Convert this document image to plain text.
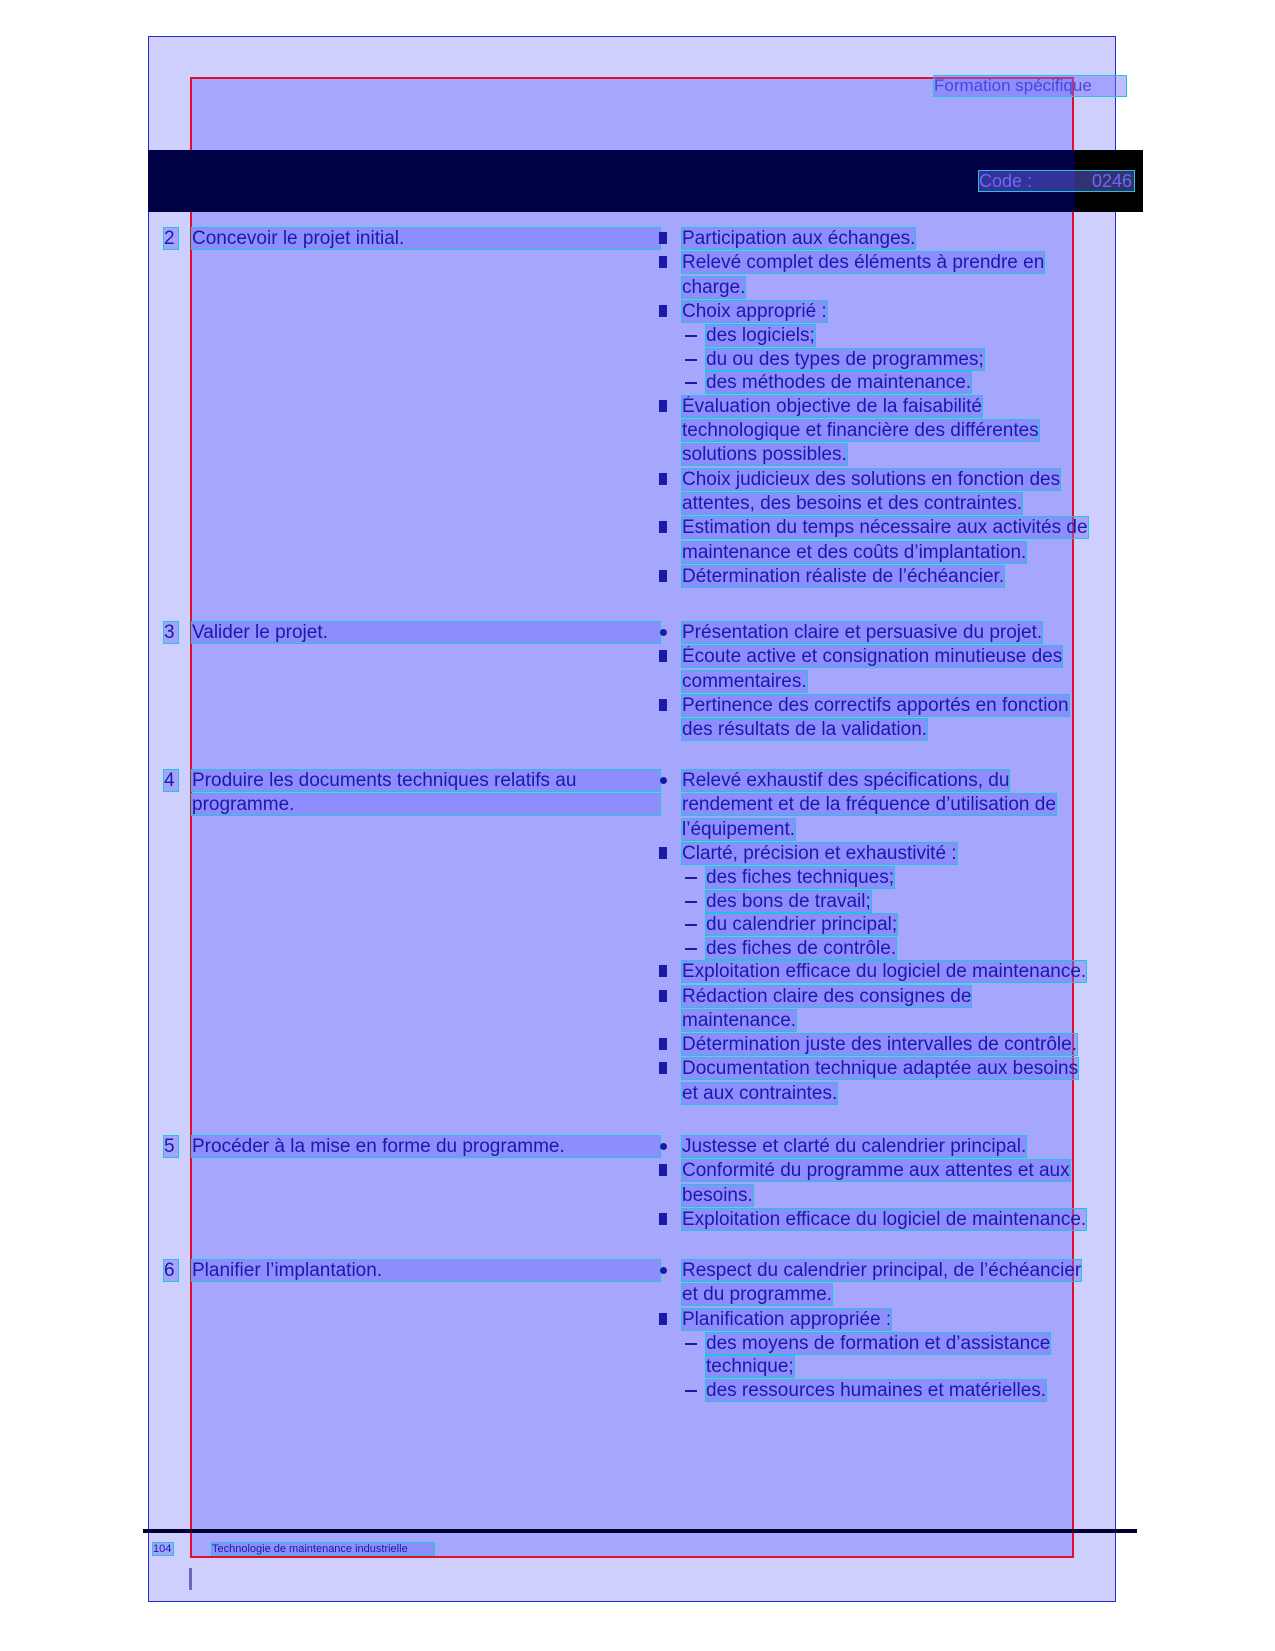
Formation spécifique
Code :	0246
2 Concevoir le projet initial.	Participation aux échanges.
Relevé complet des éléments à prendre en
charge.
Choix approprié :
des logiciels;
du ou des types de programmes;
des méthodes de maintenance.
Évaluation objective de la faisabilité
technologique et financière des différentes
solutions possibles.
Choix judicieux des solutions en fonction des
attentes, des besoins et des contraintes.
Estimation du temps nécessaire aux activités de
maintenance et des coûts d’implantation.
Détermination réaliste de l’échéancier.
3 Valider le projet.	Présentation claire et persuasive du projet.
Écoute active et consignation minutieuse des
commentaires.
Pertinence des correctifs apportés en fonction
des résultats de la validation.
4 Produire les documents techniques relatifs au
programme.
Relevé exhaustif des spécifications, du
rendement et de la fréquence d’utilisation de
l’équipement.
Clarté, précision et exhaustivité :
des fiches techniques;
des bons de travail;
du calendrier principal;
des fiches de contrôle.
Exploitation efficace du logiciel de maintenance.
Rédaction claire des consignes de
maintenance.
Détermination juste des intervalles de contrôle.
Documentation technique adaptée aux besoins
et aux contraintes.
5 Procéder à la mise en forme du programme.	Justesse et clarté du calendrier principal.
Conformité du programme aux attentes et aux
besoins.
Exploitation efficace du logiciel de maintenance.
6 Planifier l’implantation.	Respect du calendrier principal, de l’échéancier
et du programme.
Planification appropriée :
des moyens de formation et d’assistance
technique;
des ressources humaines et matérielles.
104	Technologie de maintenance industrielle
